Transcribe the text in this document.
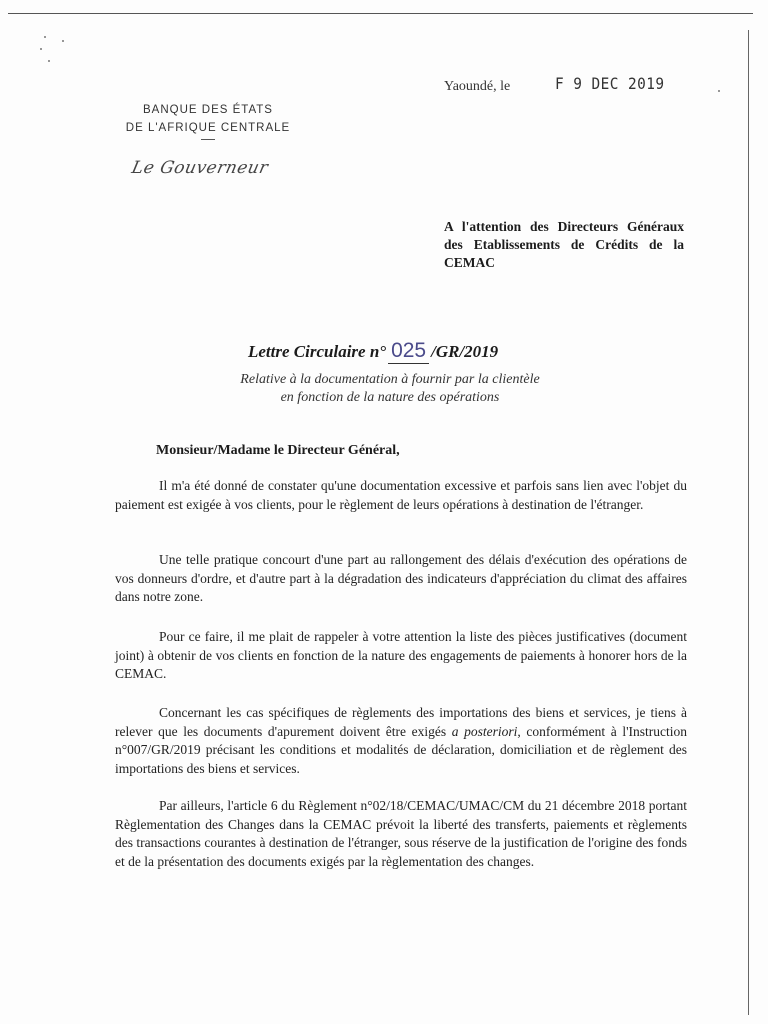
BANQUE DES ÉTATS
DE L'AFRIQUE CENTRALE
Le Gouverneur
Yaoundé, le	F 9 DEC 2019
A l'attention des Directeurs Généraux des Etablissements de Crédits de la CEMAC
Lettre Circulaire n° 025 /GR/2019
Relative à la documentation à fournir par la clientèle
en fonction de la nature des opérations
Monsieur/Madame le Directeur Général,
Il m'a été donné de constater qu'une documentation excessive et parfois sans lien avec l'objet du paiement est exigée à vos clients, pour le règlement de leurs opérations à destination de l'étranger.
Une telle pratique concourt d'une part au rallongement des délais d'exécution des opérations de vos donneurs d'ordre, et d'autre part à la dégradation des indicateurs d'appréciation du climat des affaires dans notre zone.
Pour ce faire, il me plait de rappeler à votre attention la liste des pièces justificatives (document joint) à obtenir de vos clients en fonction de la nature des engagements de paiements à honorer hors de la CEMAC.
Concernant les cas spécifiques de règlements des importations des biens et services, je tiens à relever que les documents d'apurement doivent être exigés a posteriori, conformément à l'Instruction n°007/GR/2019 précisant les conditions et modalités de déclaration, domiciliation et de règlement des importations des biens et services.
Par ailleurs, l'article 6 du Règlement n°02/18/CEMAC/UMAC/CM du 21 décembre 2018 portant Règlementation des Changes dans la CEMAC prévoit la liberté des transferts, paiements et règlements des transactions courantes à destination de l'étranger, sous réserve de la justification de l'origine des fonds et de la présentation des documents exigés par la règlementation des changes.
